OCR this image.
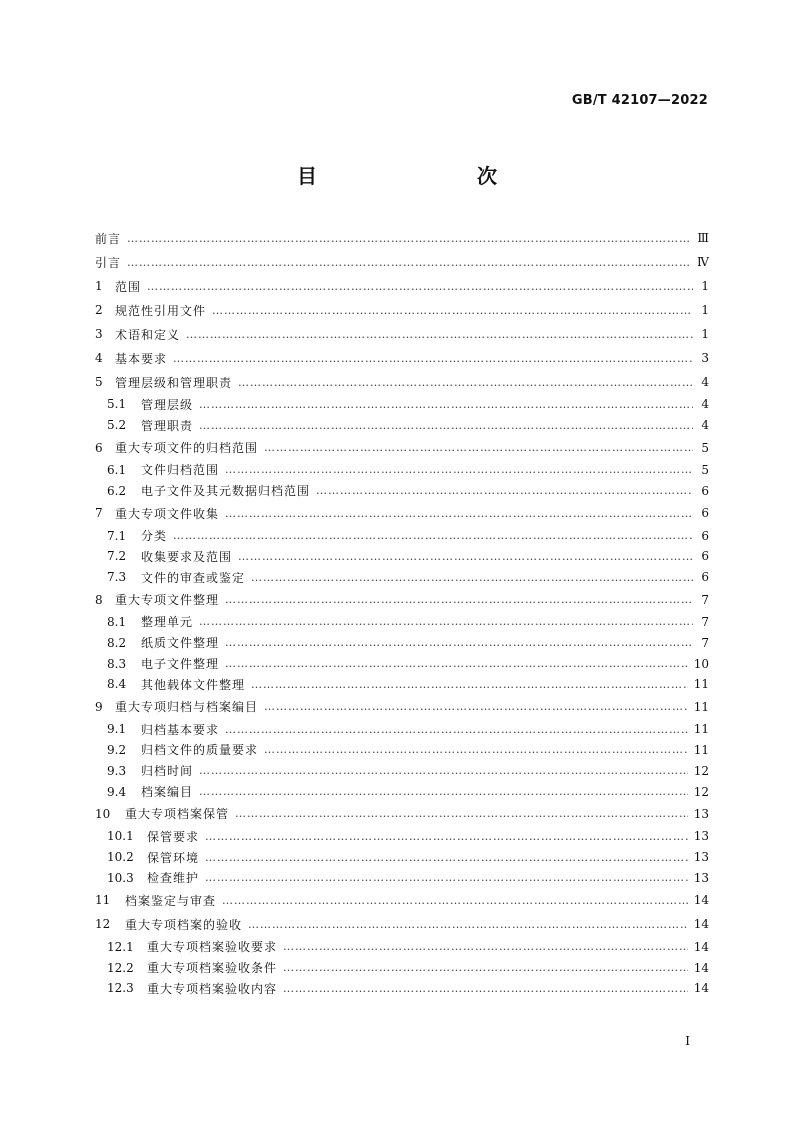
GB/T 42107—2022
目　　次
前言 ………………………………………………………………………………………………………………………………………………………………………………………………………………………………………………………………	Ⅲ
引言 ………………………………………………………………………………………………………………………………………………………………………………………………………………………………………………………………	Ⅳ
1	范围 ………………………………………………………………………………………………………………………………………………………………………………………………………………………………………………………………	1
2	规范性引用文件 ………………………………………………………………………………………………………………………………………………………………………………………………………………………………………………………………	1
3	术语和定义 ………………………………………………………………………………………………………………………………………………………………………………………………………………………………………………………………	1
4	基本要求 ………………………………………………………………………………………………………………………………………………………………………………………………………………………………………………………………	3
5	管理层级和管理职责 ………………………………………………………………………………………………………………………………………………………………………………………………………………………………………………………………	4
5.1	管理层级 ………………………………………………………………………………………………………………………………………………………………………………………………………………………………………………………………	4
5.2	管理职责 ………………………………………………………………………………………………………………………………………………………………………………………………………………………………………………………………	4
6	重大专项文件的归档范围 ………………………………………………………………………………………………………………………………………………………………………………………………………………………………………………………………	5
6.1	文件归档范围 ………………………………………………………………………………………………………………………………………………………………………………………………………………………………………………………………	5
6.2	电子文件及其元数据归档范围 ………………………………………………………………………………………………………………………………………………………………………………………………………………………………………………………………	6
7	重大专项文件收集 ………………………………………………………………………………………………………………………………………………………………………………………………………………………………………………………………	6
7.1	分类 ………………………………………………………………………………………………………………………………………………………………………………………………………………………………………………………………	6
7.2	收集要求及范围 ………………………………………………………………………………………………………………………………………………………………………………………………………………………………………………………………	6
7.3	文件的审查或鉴定 ………………………………………………………………………………………………………………………………………………………………………………………………………………………………………………………………	6
8	重大专项文件整理 ………………………………………………………………………………………………………………………………………………………………………………………………………………………………………………………………	7
8.1	整理单元 ………………………………………………………………………………………………………………………………………………………………………………………………………………………………………………………………	7
8.2	纸质文件整理 ………………………………………………………………………………………………………………………………………………………………………………………………………………………………………………………………	7
8.3	电子文件整理 ………………………………………………………………………………………………………………………………………………………………………………………………………………………………………………………………	10
8.4	其他载体文件整理 ………………………………………………………………………………………………………………………………………………………………………………………………………………………………………………………………	11
9	重大专项归档与档案编目 ………………………………………………………………………………………………………………………………………………………………………………………………………………………………………………………………	11
9.1	归档基本要求 ………………………………………………………………………………………………………………………………………………………………………………………………………………………………………………………………	11
9.2	归档文件的质量要求 ………………………………………………………………………………………………………………………………………………………………………………………………………………………………………………………………	11
9.3	归档时间 ………………………………………………………………………………………………………………………………………………………………………………………………………………………………………………………………	12
9.4	档案编目 ………………………………………………………………………………………………………………………………………………………………………………………………………………………………………………………………	12
10	重大专项档案保管 ………………………………………………………………………………………………………………………………………………………………………………………………………………………………………………………………	13
10.1	保管要求 ………………………………………………………………………………………………………………………………………………………………………………………………………………………………………………………………	13
10.2	保管环境 ………………………………………………………………………………………………………………………………………………………………………………………………………………………………………………………………	13
10.3	检查维护 ………………………………………………………………………………………………………………………………………………………………………………………………………………………………………………………………	13
11	档案鉴定与审查 ………………………………………………………………………………………………………………………………………………………………………………………………………………………………………………………………	14
12	重大专项档案的验收 ………………………………………………………………………………………………………………………………………………………………………………………………………………………………………………………………	14
12.1	重大专项档案验收要求 ………………………………………………………………………………………………………………………………………………………………………………………………………………………………………………………………	14
12.2	重大专项档案验收条件 ………………………………………………………………………………………………………………………………………………………………………………………………………………………………………………………………	14
12.3	重大专项档案验收内容 ………………………………………………………………………………………………………………………………………………………………………………………………………………………………………………………………	14
I
